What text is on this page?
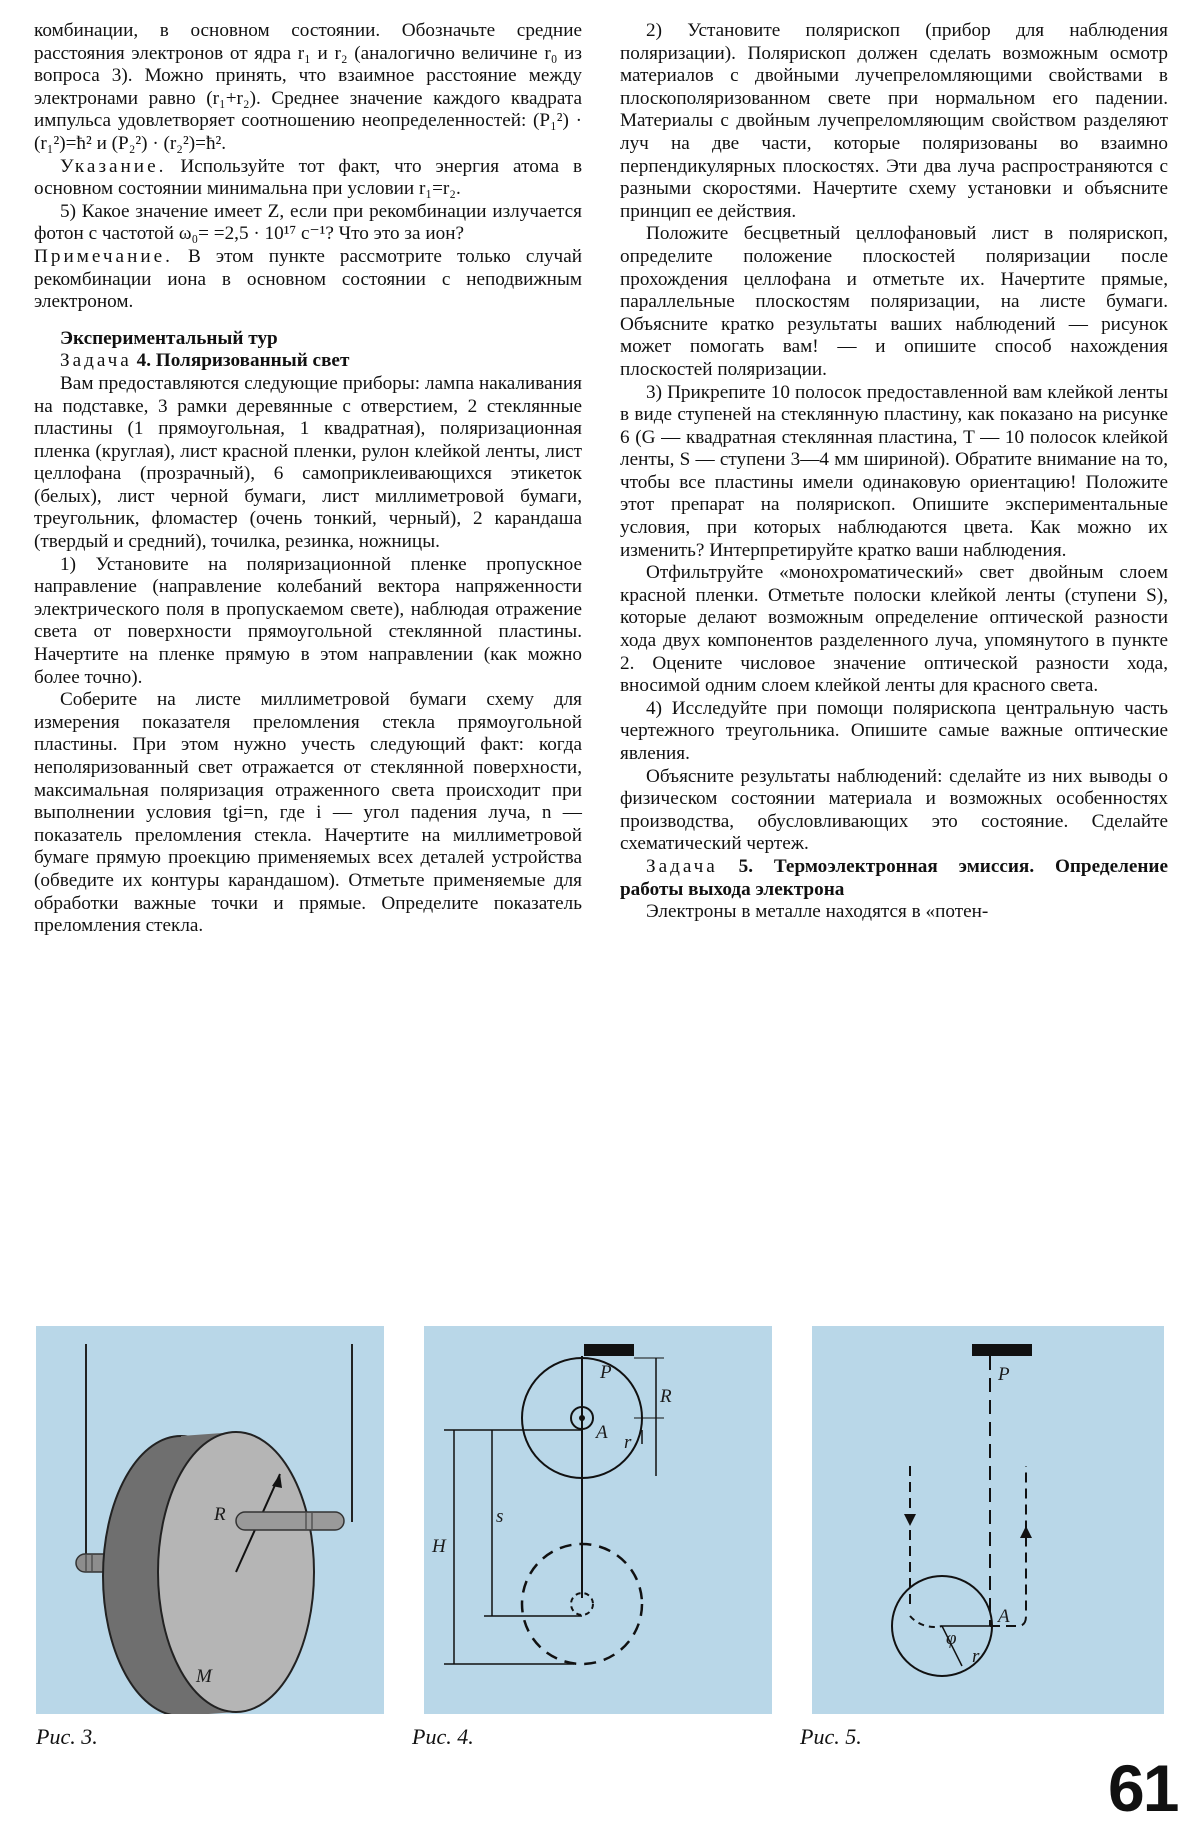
комбинации, в основном состоянии. Обозначьте средние расстояния электронов от ядра r₁ и r₂ (аналогично величине r₀ из вопроса 3). Можно принять, что взаимное расстояние между электронами равно (r₁+r₂). Среднее значение каждого квадрата импульса удовлетворяет соотношению неопределенностей: (P₁²) · (r₁²)=ħ² и (P₂²) · (r₂²)=ħ².

Указание. Используйте тот факт, что энергия атома в основном состоянии минимальна при условии r₁=r₂.

5) Какое значение имеет Z, если при рекомбинации излучается фотон с частотой ω₀= =2,5 · 10¹⁷ с⁻¹? Что это за ион?

Примечание. В этом пункте рассмотрите только случай рекомбинации иона в основном состоянии с неподвижным электроном.

Экспериментальный тур

Задача 4. Поляризованный свет

Вам предоставляются следующие приборы: лампа накаливания на подставке, 3 рамки деревянные с отверстием, 2 стеклянные пластины (1 прямоугольная, 1 квадратная), поляризационная пленка (круглая), лист красной пленки, рулон клейкой ленты, лист целлофана (прозрачный), 6 самоприклеивающихся этикеток (белых), лист черной бумаги, лист миллиметровой бумаги, треугольник, фломастер (очень тонкий, черный), 2 карандаша (твердый и средний), точилка, резинка, ножницы.

1) Установите на поляризационной пленке пропускное направление (направление колебаний вектора напряженности электрического поля в пропускаемом свете), наблюдая отражение света от поверхности прямоугольной стеклянной пластины. Начертите на пленке прямую в этом направлении (как можно более точно).

Соберите на листе миллиметровой бумаги схему для измерения показателя преломления стекла прямоугольной пластины. При этом нужно учесть следующий факт: когда неполяризованный свет отражается от стеклянной поверхности, максимальная поляризация отраженного света происходит при выполнении условия tgi=n, где i — угол падения луча, n — показатель преломления стекла. Начертите на миллиметровой бумаге прямую проекцию применяемых всех деталей устройства (обведите их контуры карандашом). Отметьте применяемые для обработки важные точки и прямые. Определите показатель преломления стекла.

2) Установите поляриcкоп (прибор для наблюдения поляризации). Поляриcкоп должен сделать возможным осмотр материалов с двойными лучепреломляющими свойствами в плоскополяризованном свете при нормальном его падении. Материалы с двойным лучепреломляющим свойством разделяют луч на две части, которые поляризованы во взаимно перпендикулярных плоскостях. Эти два луча распространяются с разными скоростями. Начертите схему установки и объясните принцип ее действия.

Положите бесцветный целлофановый лист в поляриcкоп, определите положение плоскостей поляризации после прохождения целлофана и отметьте их. Начертите прямые, параллельные плоскостям поляризации, на листе бумаги. Объясните кратко результаты ваших наблюдений — рисунок может помогать вам! — и опишите способ нахождения плоскостей поляризации.

3) Прикрепите 10 полосок предоставленной вам клейкой ленты в виде ступеней на стеклянную пластину, как показано на рисунке 6 (G — квадратная стеклянная пластина, T — 10 полосок клейкой ленты, S — ступени 3—4 мм шириной). Обратите внимание на то, чтобы все пластины имели одинаковую ориентацию! Положите этот препарат на поляриcкоп. Опишите экспериментальные условия, при которых наблюдаются цвета. Как можно их изменить? Интерпретируйте кратко ваши наблюдения.

Отфильтруйте «монохроматический» свет двойным слоем красной пленки. Отметьте полоски клейкой ленты (ступени S), которые делают возможным определение оптической разности хода двух компонентов разделенного луча, упомянутого в пункте 2. Оцените числовое значение оптической разности хода, вносимой одним слоем клейкой ленты для красного света.

4) Исследуйте при помощи поляриcкопа центральную часть чертежного треугольника. Опишите самые важные оптические явления.

Объясните результаты наблюдений: сделайте из них выводы о физическом состоянии материала и возможных особенностях производства, обусловливающих это состояние. Сделайте схематический чертеж.

Задача 5. Термоэлектронная эмиссия. Определение работы выхода электрона

Электроны в металле находятся в «потен-

R
M
Рис. 3.
P
R
A r
s
H
Рис. 4.
P
A
φ
r
Рис. 5.
61
